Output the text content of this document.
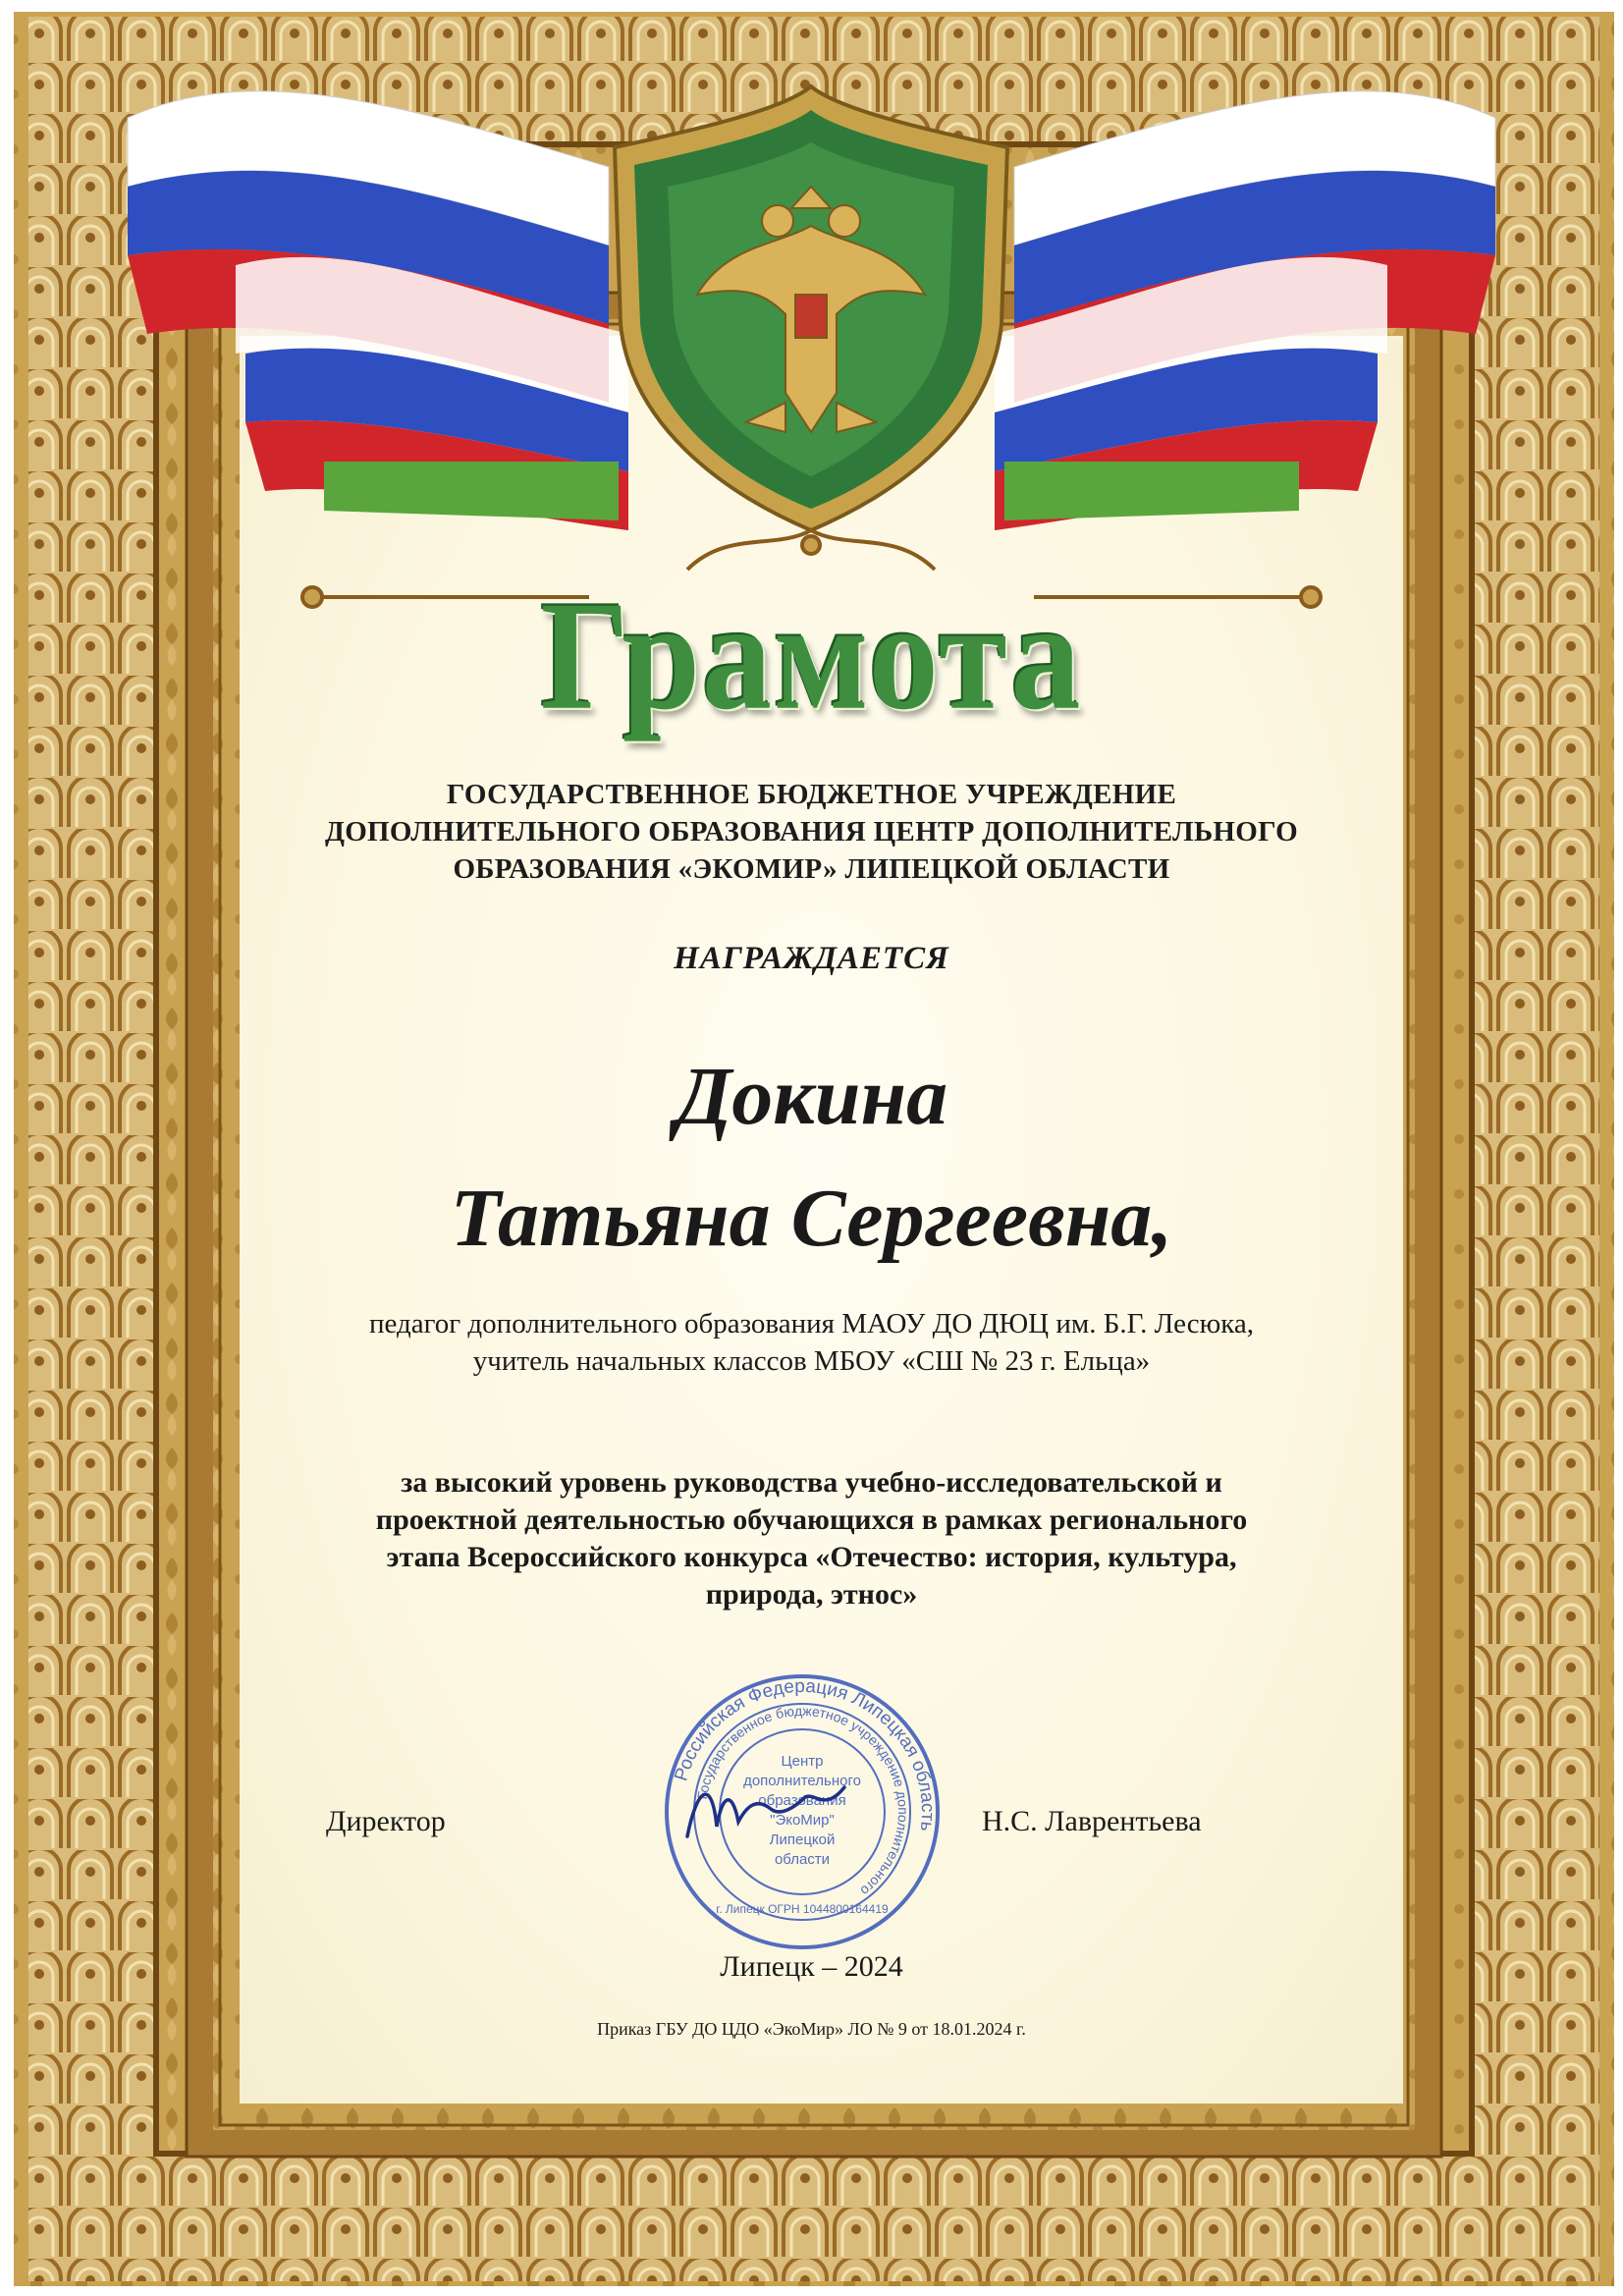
Грамота
ГОСУДАРСТВЕННОЕ БЮДЖЕТНОЕ УЧРЕЖДЕНИЕ
ДОПОЛНИТЕЛЬНОГО ОБРАЗОВАНИЯ ЦЕНТР ДОПОЛНИТЕЛЬНОГО
ОБРАЗОВАНИЯ «ЭКОМИР» ЛИПЕЦКОЙ ОБЛАСТИ
НАГРАЖДАЕТСЯ
Докина
Татьяна Сергеевна,
педагог дополнительного образования МАОУ ДО ДЮЦ им. Б.Г. Лесюка,
учитель начальных классов МБОУ «СШ № 23 г. Ельца»
за высокий уровень руководства учебно-исследовательской и
проектной деятельностью обучающихся в рамках регионального
этапа Всероссийского конкурса «Отечество: история, культура,
природа, этнос»
Директор	Н.С. Лаврентьева
Российская Федерация Липецкая область
Государственное бюджетное учреждение дополнительного
Центр
дополнительного
образования
"ЭкоМир"
Липецкой
области
г. Липецк ОГРН 1044800164419
Липецк – 2024
Приказ ГБУ ДО ЦДО «ЭкоМир» ЛО № 9 от 18.01.2024 г.
